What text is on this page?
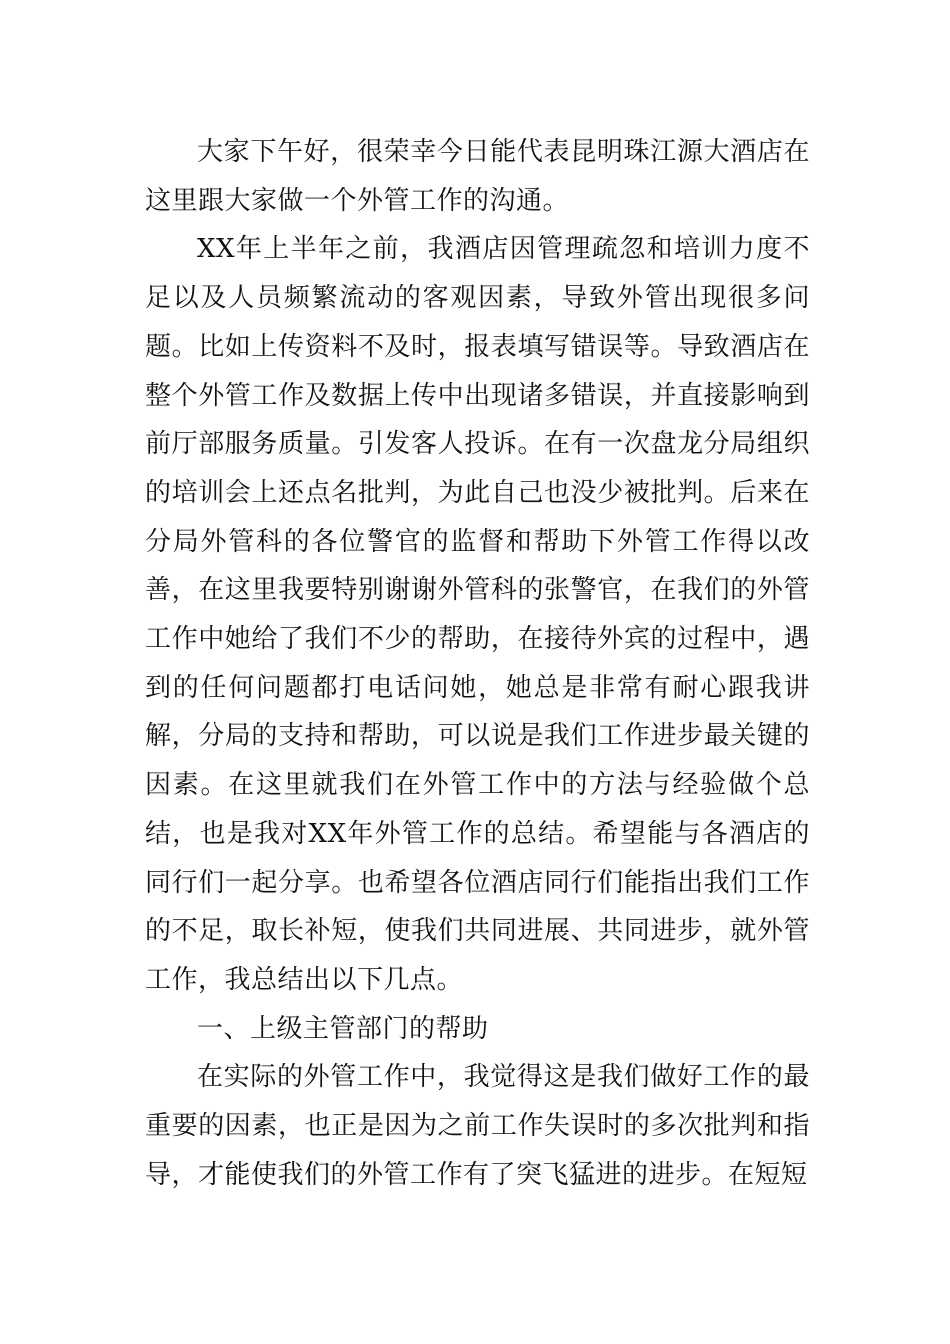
大家下午好，很荣幸今日能代表昆明珠江源大酒店在这里跟大家做一个外管工作的沟通。

XX年上半年之前，我酒店因管理疏忽和培训力度不足以及人员频繁流动的客观因素，导致外管出现很多问题。比如上传资料不及时，报表填写错误等。导致酒店在整个外管工作及数据上传中出现诸多错误，并直接影响到前厅部服务质量。引发客人投诉。在有一次盘龙分局组织的培训会上还点名批判，为此自己也没少被批判。后来在分局外管科的各位警官的监督和帮助下外管工作得以改善，在这里我要特别谢谢外管科的张警官，在我们的外管工作中她给了我们不少的帮助，在接待外宾的过程中，遇到的任何问题都打电话问她，她总是非常有耐心跟我讲解，分局的支持和帮助，可以说是我们工作进步最关键的因素。在这里就我们在外管工作中的方法与经验做个总结，也是我对XX年外管工作的总结。希望能与各酒店的同行们一起分享。也希望各位酒店同行们能指出我们工作的不足，取长补短，使我们共同进展、共同进步，就外管工作，我总结出以下几点。

一、上级主管部门的帮助

在实际的外管工作中，我觉得这是我们做好工作的最重要的因素，也正是因为之前工作失误时的多次批判和指导，才能使我们的外管工作有了突飞猛进的进步。在短短
